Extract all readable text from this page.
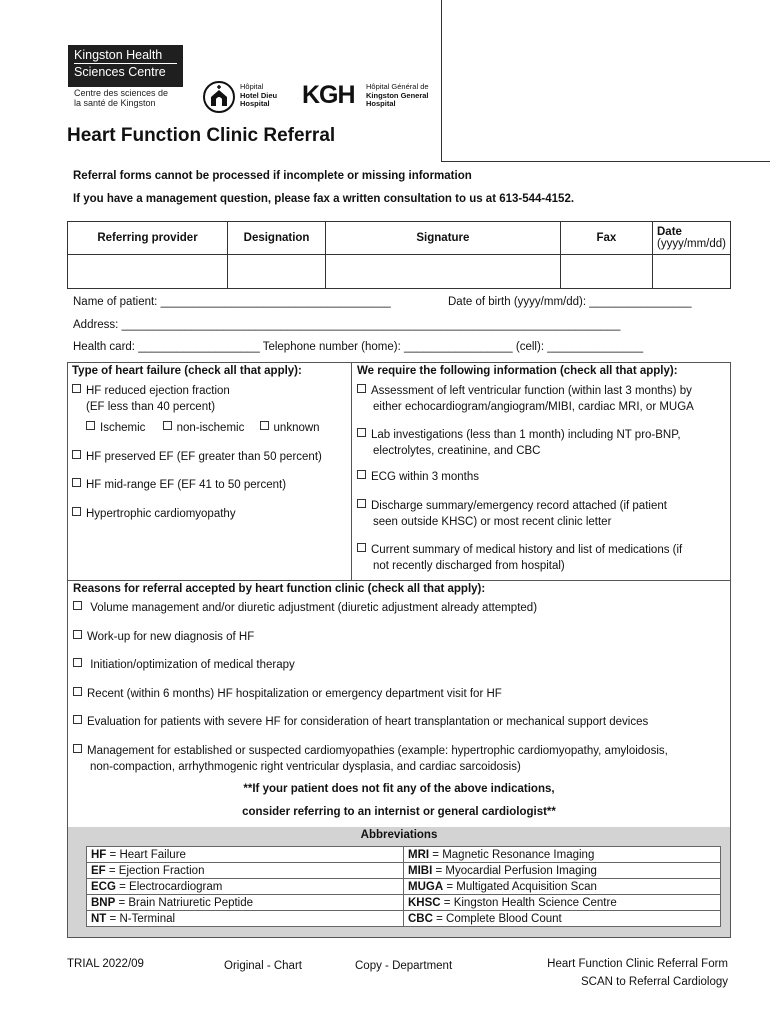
Kingston Health
Sciences Centre
Centre des sciences de
la santé de Kingston
Hôpital
Hotel Dieu
Hospital	KGH Hôpital Général de
Kingston General
Hospital
Heart Function Clinic Referral
Referral forms cannot be processed if incomplete or missing information
If you have a management question, please fax a written consultation to us at 613-544-4152.
Referring provider	Designation	Signature	Fax	Date (yyyy/mm/dd)

Name of patient: ____________________________________	Date of birth (yyyy/mm/dd): ________________
Address: ______________________________________________________________________________
Health card: ___________________ Telephone number (home): _________________ (cell): _______________
Type of heart failure (check all that apply):
HF reduced ejection fraction
(EF less than 40 percent)
Ischemic	non-ischemic	unknown
HF preserved EF (EF greater than 50 percent)
HF mid-range EF (EF 41 to 50 percent)
Hypertrophic cardiomyopathy
We require the following information (check all that apply):
Assessment of left ventricular function (within last 3 months) by
either echocardiogram/angiogram/MIBI, cardiac MRI, or MUGA
Lab investigations (less than 1 month) including NT pro-BNP,
electrolytes, creatinine, and CBC
ECG within 3 months
Discharge summary/emergency record attached (if patient
seen outside KHSC) or most recent clinic letter
Current summary of medical history and list of medications (if
not recently discharged from hospital)
Reasons for referral accepted by heart function clinic (check all that apply):
Volume management and/or diuretic adjustment (diuretic adjustment already attempted)
Work-up for new diagnosis of HF
Initiation/optimization of medical therapy
Recent (within 6 months) HF hospitalization or emergency department visit for HF
Evaluation for patients with severe HF for consideration of heart transplantation or mechanical support devices
Management for established or suspected cardiomyopathies (example: hypertrophic cardiomyopathy, amyloidosis,
non-compaction, arrhythmogenic right ventricular dysplasia, and cardiac sarcoidosis)
**If your patient does not fit any of the above indications,
consider referring to an internist or general cardiologist**
Abbreviations
HF = Heart Failure	MRI = Magnetic Resonance Imaging
EF = Ejection Fraction	MIBI = Myocardial Perfusion Imaging
ECG = Electrocardiogram	MUGA = Multigated Acquisition Scan
BNP = Brain Natriuretic Peptide	KHSC = Kingston Health Science Centre
NT = N-Terminal	CBC = Complete Blood Count
TRIAL 2022/09	Original - Chart	Copy - Department	Heart Function Clinic Referral Form
SCAN to Referral Cardiology
